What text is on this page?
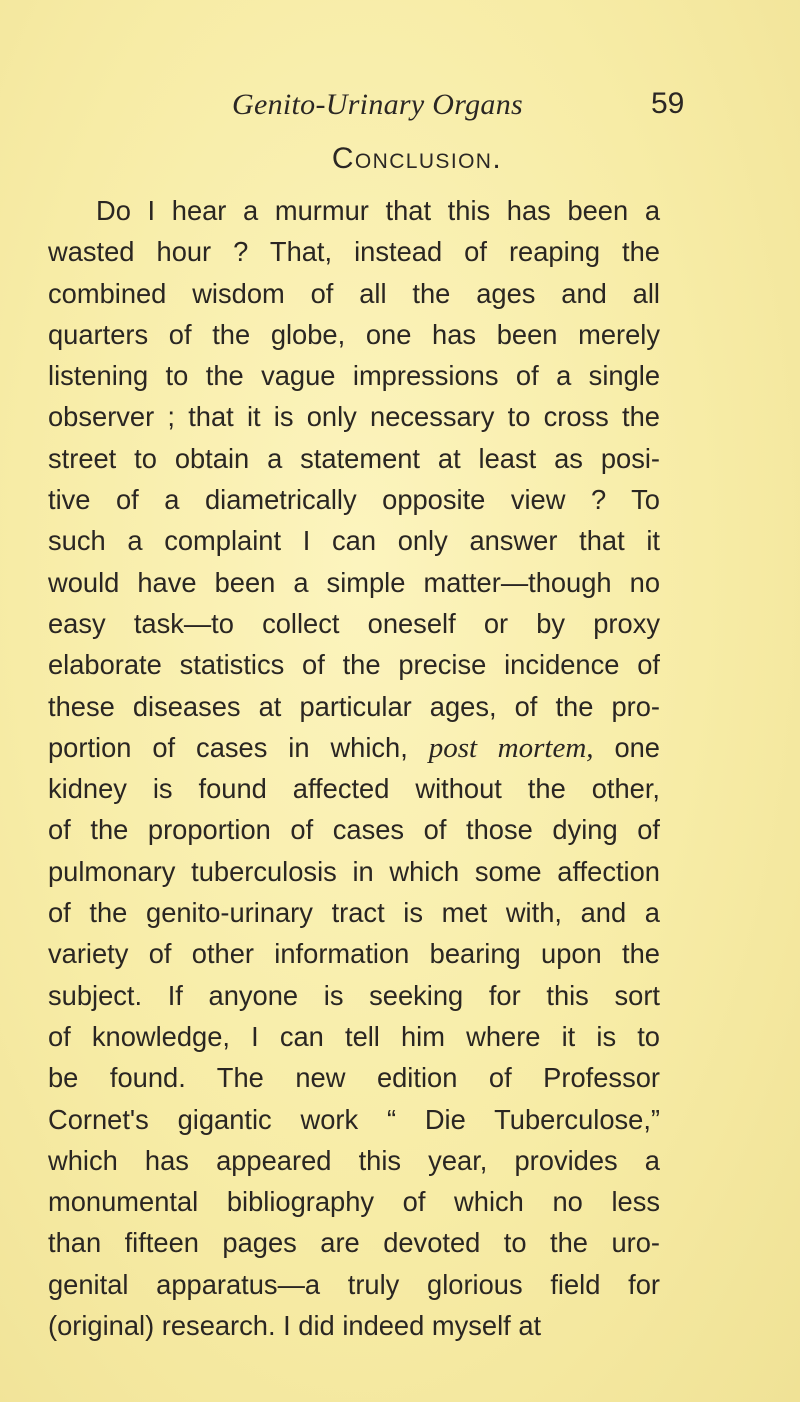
Genito-Urinary Organs	59
Conclusion.
Do I hear a murmur that this has been a
wasted hour ? That, instead of reaping the
combined wisdom of all the ages and all
quarters of the globe, one has been merely
listening to the vague impressions of a single
observer ; that it is only necessary to cross the
street to obtain a statement at least as posi-
tive of a diametrically opposite view ? To
such a complaint I can only answer that it
would have been a simple matter—though no
easy task—to collect oneself or by proxy
elaborate statistics of the precise incidence of
these diseases at particular ages, of the pro-
portion of cases in which, post mortem, one
kidney is found affected without the other,
of the proportion of cases of those dying of
pulmonary tuberculosis in which some affection
of the genito-urinary tract is met with, and a
variety of other information bearing upon the
subject. If anyone is seeking for this sort
of knowledge, I can tell him where it is to
be found. The new edition of Professor
Cornet's gigantic work “ Die Tuberculose,”
which has appeared this year, provides a
monumental bibliography of which no less
than fifteen pages are devoted to the uro-
genital apparatus—a truly glorious field for
(original) research. I did indeed myself at
